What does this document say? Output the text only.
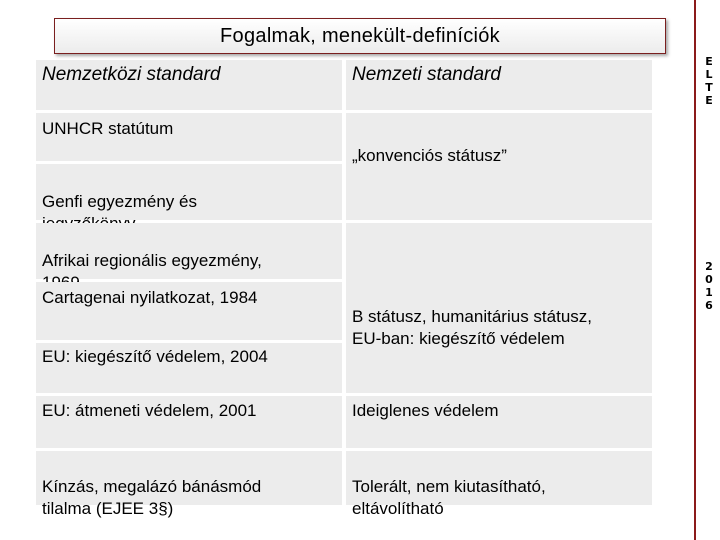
Fogalmak, menekült-definíciók
Nemzetközi standard
UNHCR statútum

Genfi egyezmény és

Afrikai regionális egyezmény,

Cartagenai nyilatkozat, 1984
EU: kiegészítő védelem, 2004
EU: átmeneti védelem, 2001

Kínzás, megalázó bánásmód
tilalma (EJEE 3§)

Nemzeti standard
„konvenciós státusz”

B státusz, humanitárius státusz,
EU-ban: kiegészítő védelem

Ideiglenes védelem

Tolerált, nem kiutasítható,
eltávolítható

E
L
T
E
2
0
1
6
